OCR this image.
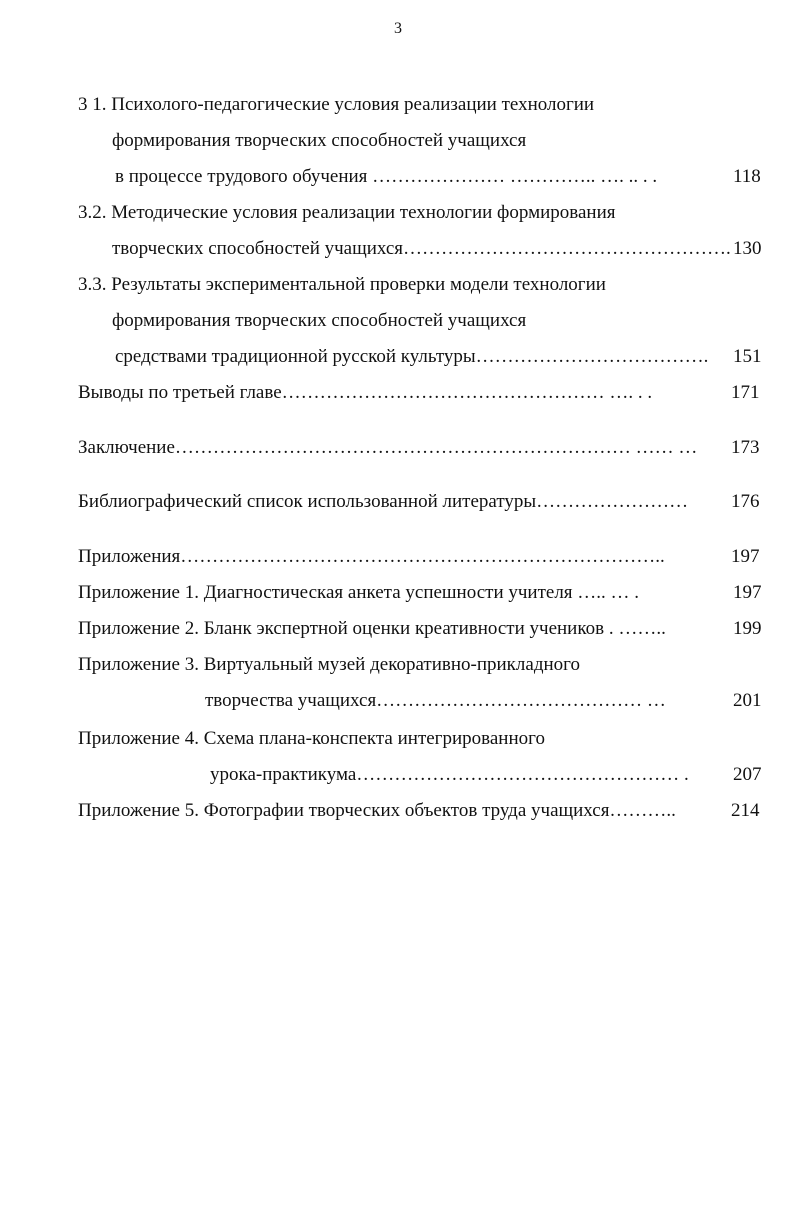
3
3 1. Психолого-педагогические условия реализации технологии
формирования творческих способностей учащихся
в процессе трудового обучения ………………… ………….. …. .. . .	118
3.2. Методические условия реализации технологии формирования
творческих способностей учащихся……………………………………………. 130
3.3. Результаты экспериментальной проверки модели технологии
формирования творческих способностей учащихся
средствами традиционной русской культуры………………………………. 151
Выводы по третьей главе…………………………………………… …. . .	171
Заключение……………………………………………………………… …… … 173
Библиографический список использованной литературы…………………… 176
Приложения…………………………………………………………………..	197
Приложение 1. Диагностическая анкета успешности учителя ….. … .	197
Приложение 2. Бланк экспертной оценки креативности учеников . ……..	199
Приложение 3. Виртуальный музей декоративно-прикладного
творчества учащихся…………………………………… …	201
Приложение 4. Схема плана-конспекта интегрированного
урока-практикума…………………………………………… . 207
Приложение 5. Фотографии творческих объектов труда учащихся………..	214
